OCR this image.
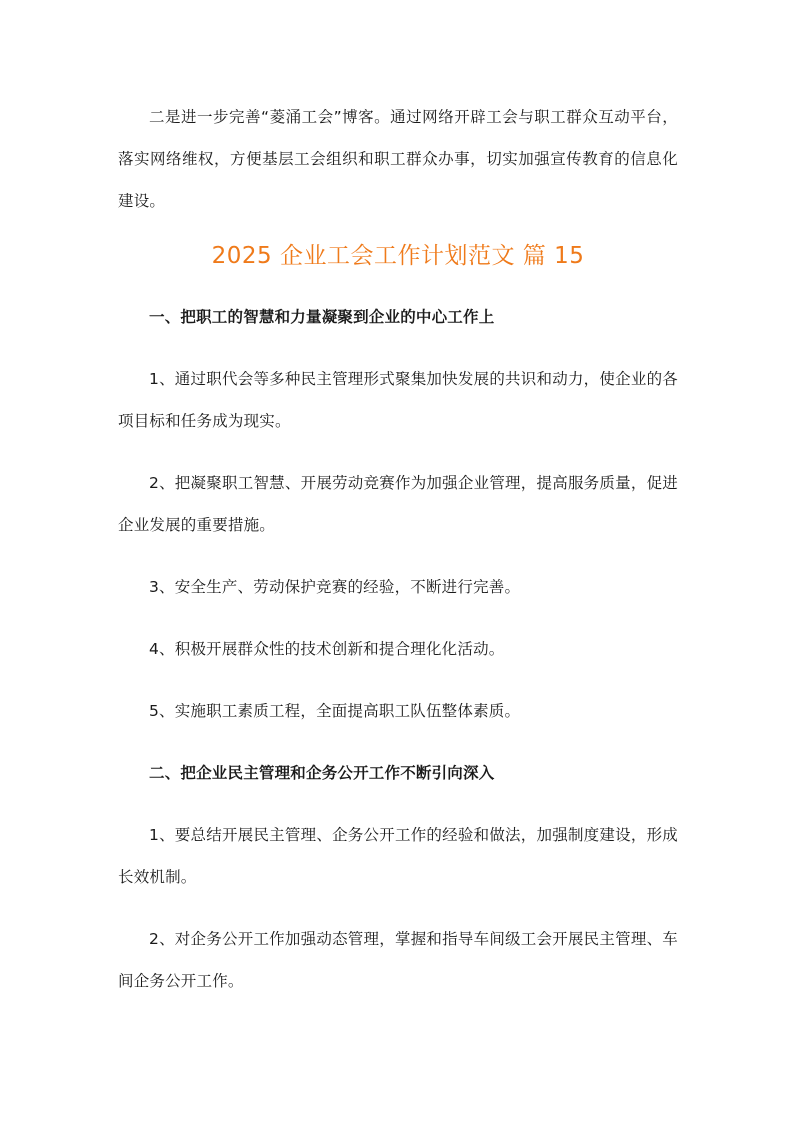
二是进一步完善“菱涌工会”博客。通过网络开辟工会与职工群众互动平台，落实网络维权，方便基层工会组织和职工群众办事，切实加强宣传教育的信息化建设。

2025 企业工会工作计划范文 篇 15
一、把职工的智慧和力量凝聚到企业的中心工作上

1、通过职代会等多种民主管理形式聚集加快发展的共识和动力，使企业的各项目标和任务成为现实。

2、把凝聚职工智慧、开展劳动竞赛作为加强企业管理，提高服务质量，促进企业发展的重要措施。

3、安全生产、劳动保护竞赛的经验，不断进行完善。

4、积极开展群众性的技术创新和提合理化化活动。

5、实施职工素质工程，全面提高职工队伍整体素质。

二、把企业民主管理和企务公开工作不断引向深入

1、要总结开展民主管理、企务公开工作的经验和做法，加强制度建设，形成长效机制。

2、对企务公开工作加强动态管理，掌握和指导车间级工会开展民主管理、车间企务公开工作。
